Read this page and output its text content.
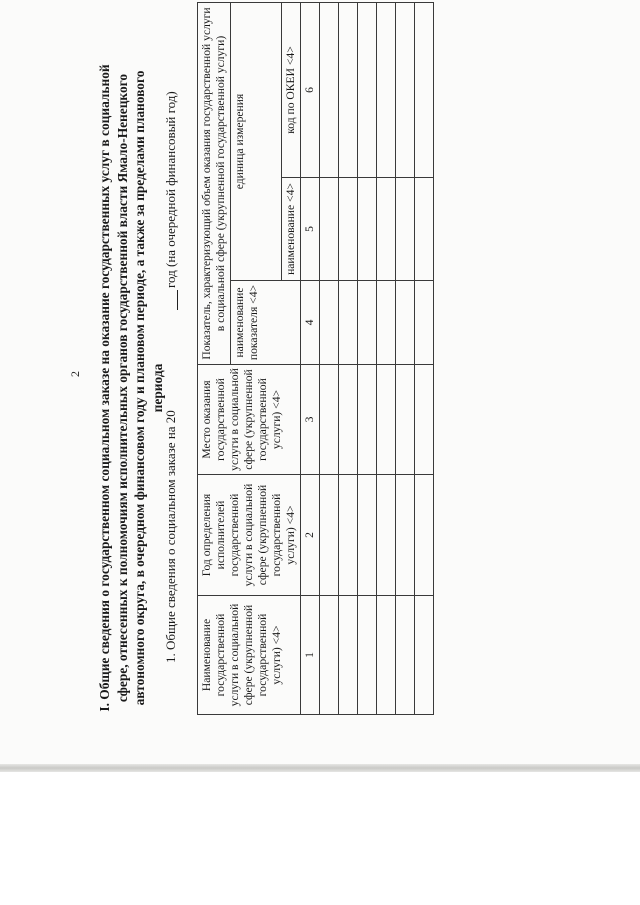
2 I. Общие сведения о государственном социальном заказе на оказание государственных услуг в социальной сфере, отнесенных к полномочиям исполнительных органов государственной власти Ямало-Ненецкого автономного округа, в очередном финансовом году и плановом периоде, а также за пределами планового периода

1. Общие сведения о социальном заказе на 20
год (на очередной финансовый год)
Наименование государственной услуги в социальной сфере (укрупненной государственной услуги) <4>	Год определения исполнителей государственной услуги в социальной сфере (укрупненной государственной услуги) <4>	Место оказания государственной услуги в социальной сфере (укрупненной государственной услуги) <4>	Показатель, характеризующий объем оказания государственной услуги в социальной сфере (укрупненной государственной услуги)		
			наименование показателя <4>	единица измерения	
				наименование <4>	код по ОКЕИ <4>
1	2	3	4	5	6
